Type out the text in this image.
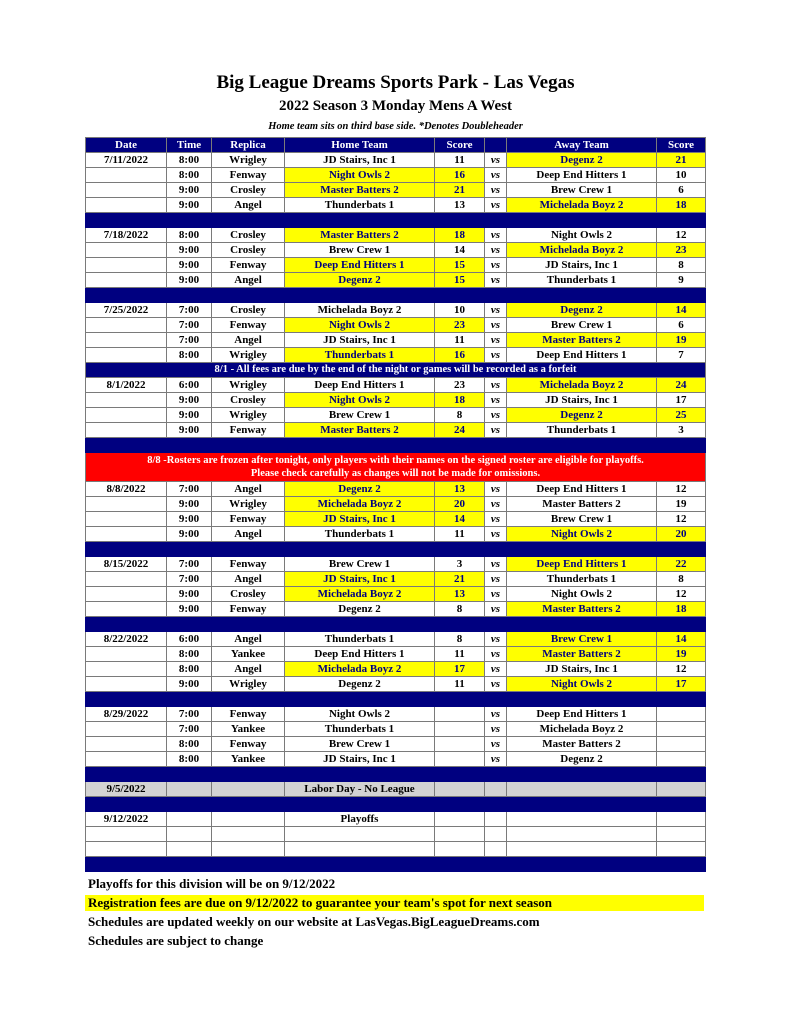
Big League Dreams Sports Park - Las Vegas
2022 Season 3 Monday Mens A West
Home team sits on third base side. *Denotes Doubleheader
Date	Time	Replica	Home Team	Score		Away Team	Score
7/11/2022	8:00	Wrigley	JD Stairs, Inc 1	11	vs	Degenz 2	21
	8:00	Fenway	Night Owls 2	16	vs	Deep End Hitters 1	10
	9:00	Crosley	Master Batters 2	21	vs	Brew Crew 1	6
	9:00	Angel	Thunderbats 1	13	vs	Michelada Boyz 2	18

7/18/2022	8:00	Crosley	Master Batters 2	18	vs	Night Owls 2	12
	9:00	Crosley	Brew Crew 1	14	vs	Michelada Boyz 2	23
	9:00	Fenway	Deep End Hitters 1	15	vs	JD Stairs, Inc 1	8
	9:00	Angel	Degenz 2	15	vs	Thunderbats 1	9

7/25/2022	7:00	Crosley	Michelada Boyz 2	10	vs	Degenz 2	14
	7:00	Fenway	Night Owls 2	23	vs	Brew Crew 1	6
	7:00	Angel	JD Stairs, Inc 1	11	vs	Master Batters 2	19
	8:00	Wrigley	Thunderbats 1	16	vs	Deep End Hitters 1	7
8/1 - All fees are due by the end of the night or games will be recorded as a forfeit							
8/1/2022	6:00	Wrigley	Deep End Hitters 1	23	vs	Michelada Boyz 2	24
	9:00	Crosley	Night Owls 2	18	vs	JD Stairs, Inc 1	17
	9:00	Wrigley	Brew Crew 1	8	vs	Degenz 2	25
	9:00	Fenway	Master Batters 2	24	vs	Thunderbats 1	3

8/8 -Rosters are frozen after tonight, only players with their names on the signed roster are eligible for playoffs.
Please check carefully as changes will not be made for omissions.							

8/8/2022	7:00	Angel	Degenz 2	13	vs	Deep End Hitters 1	12
	9:00	Wrigley	Michelada Boyz 2	20	vs	Master Batters 2	19
	9:00	Fenway	JD Stairs, Inc 1	14	vs	Brew Crew 1	12
	9:00	Angel	Thunderbats 1	11	vs	Night Owls 2	20

8/15/2022	7:00	Fenway	Brew Crew 1	3	vs	Deep End Hitters 1	22
	7:00	Angel	JD Stairs, Inc 1	21	vs	Thunderbats 1	8
	9:00	Crosley	Michelada Boyz 2	13	vs	Night Owls 2	12
	9:00	Fenway	Degenz 2	8	vs	Master Batters 2	18

8/22/2022	6:00	Angel	Thunderbats 1	8	vs	Brew Crew 1	14
	8:00	Yankee	Deep End Hitters 1	11	vs	Master Batters 2	19
	8:00	Angel	Michelada Boyz 2	17	vs	JD Stairs, Inc 1	12
	9:00	Wrigley	Degenz 2	11	vs	Night Owls 2	17

8/29/2022	7:00	Fenway	Night Owls 2		vs	Deep End Hitters 1	
	7:00	Yankee	Thunderbats 1		vs	Michelada Boyz 2	
	8:00	Fenway	Brew Crew 1		vs	Master Batters 2	
	8:00	Yankee	JD Stairs, Inc 1		vs	Degenz 2	

9/5/2022			Labor Day - No League				

9/12/2022			Playoffs				

Playoffs for this division will be on 9/12/2022
Registration fees are due on 9/12/2022 to guarantee your team's spot for next season
Schedules are updated weekly on our website at LasVegas.BigLeagueDreams.com
Schedules are subject to change
